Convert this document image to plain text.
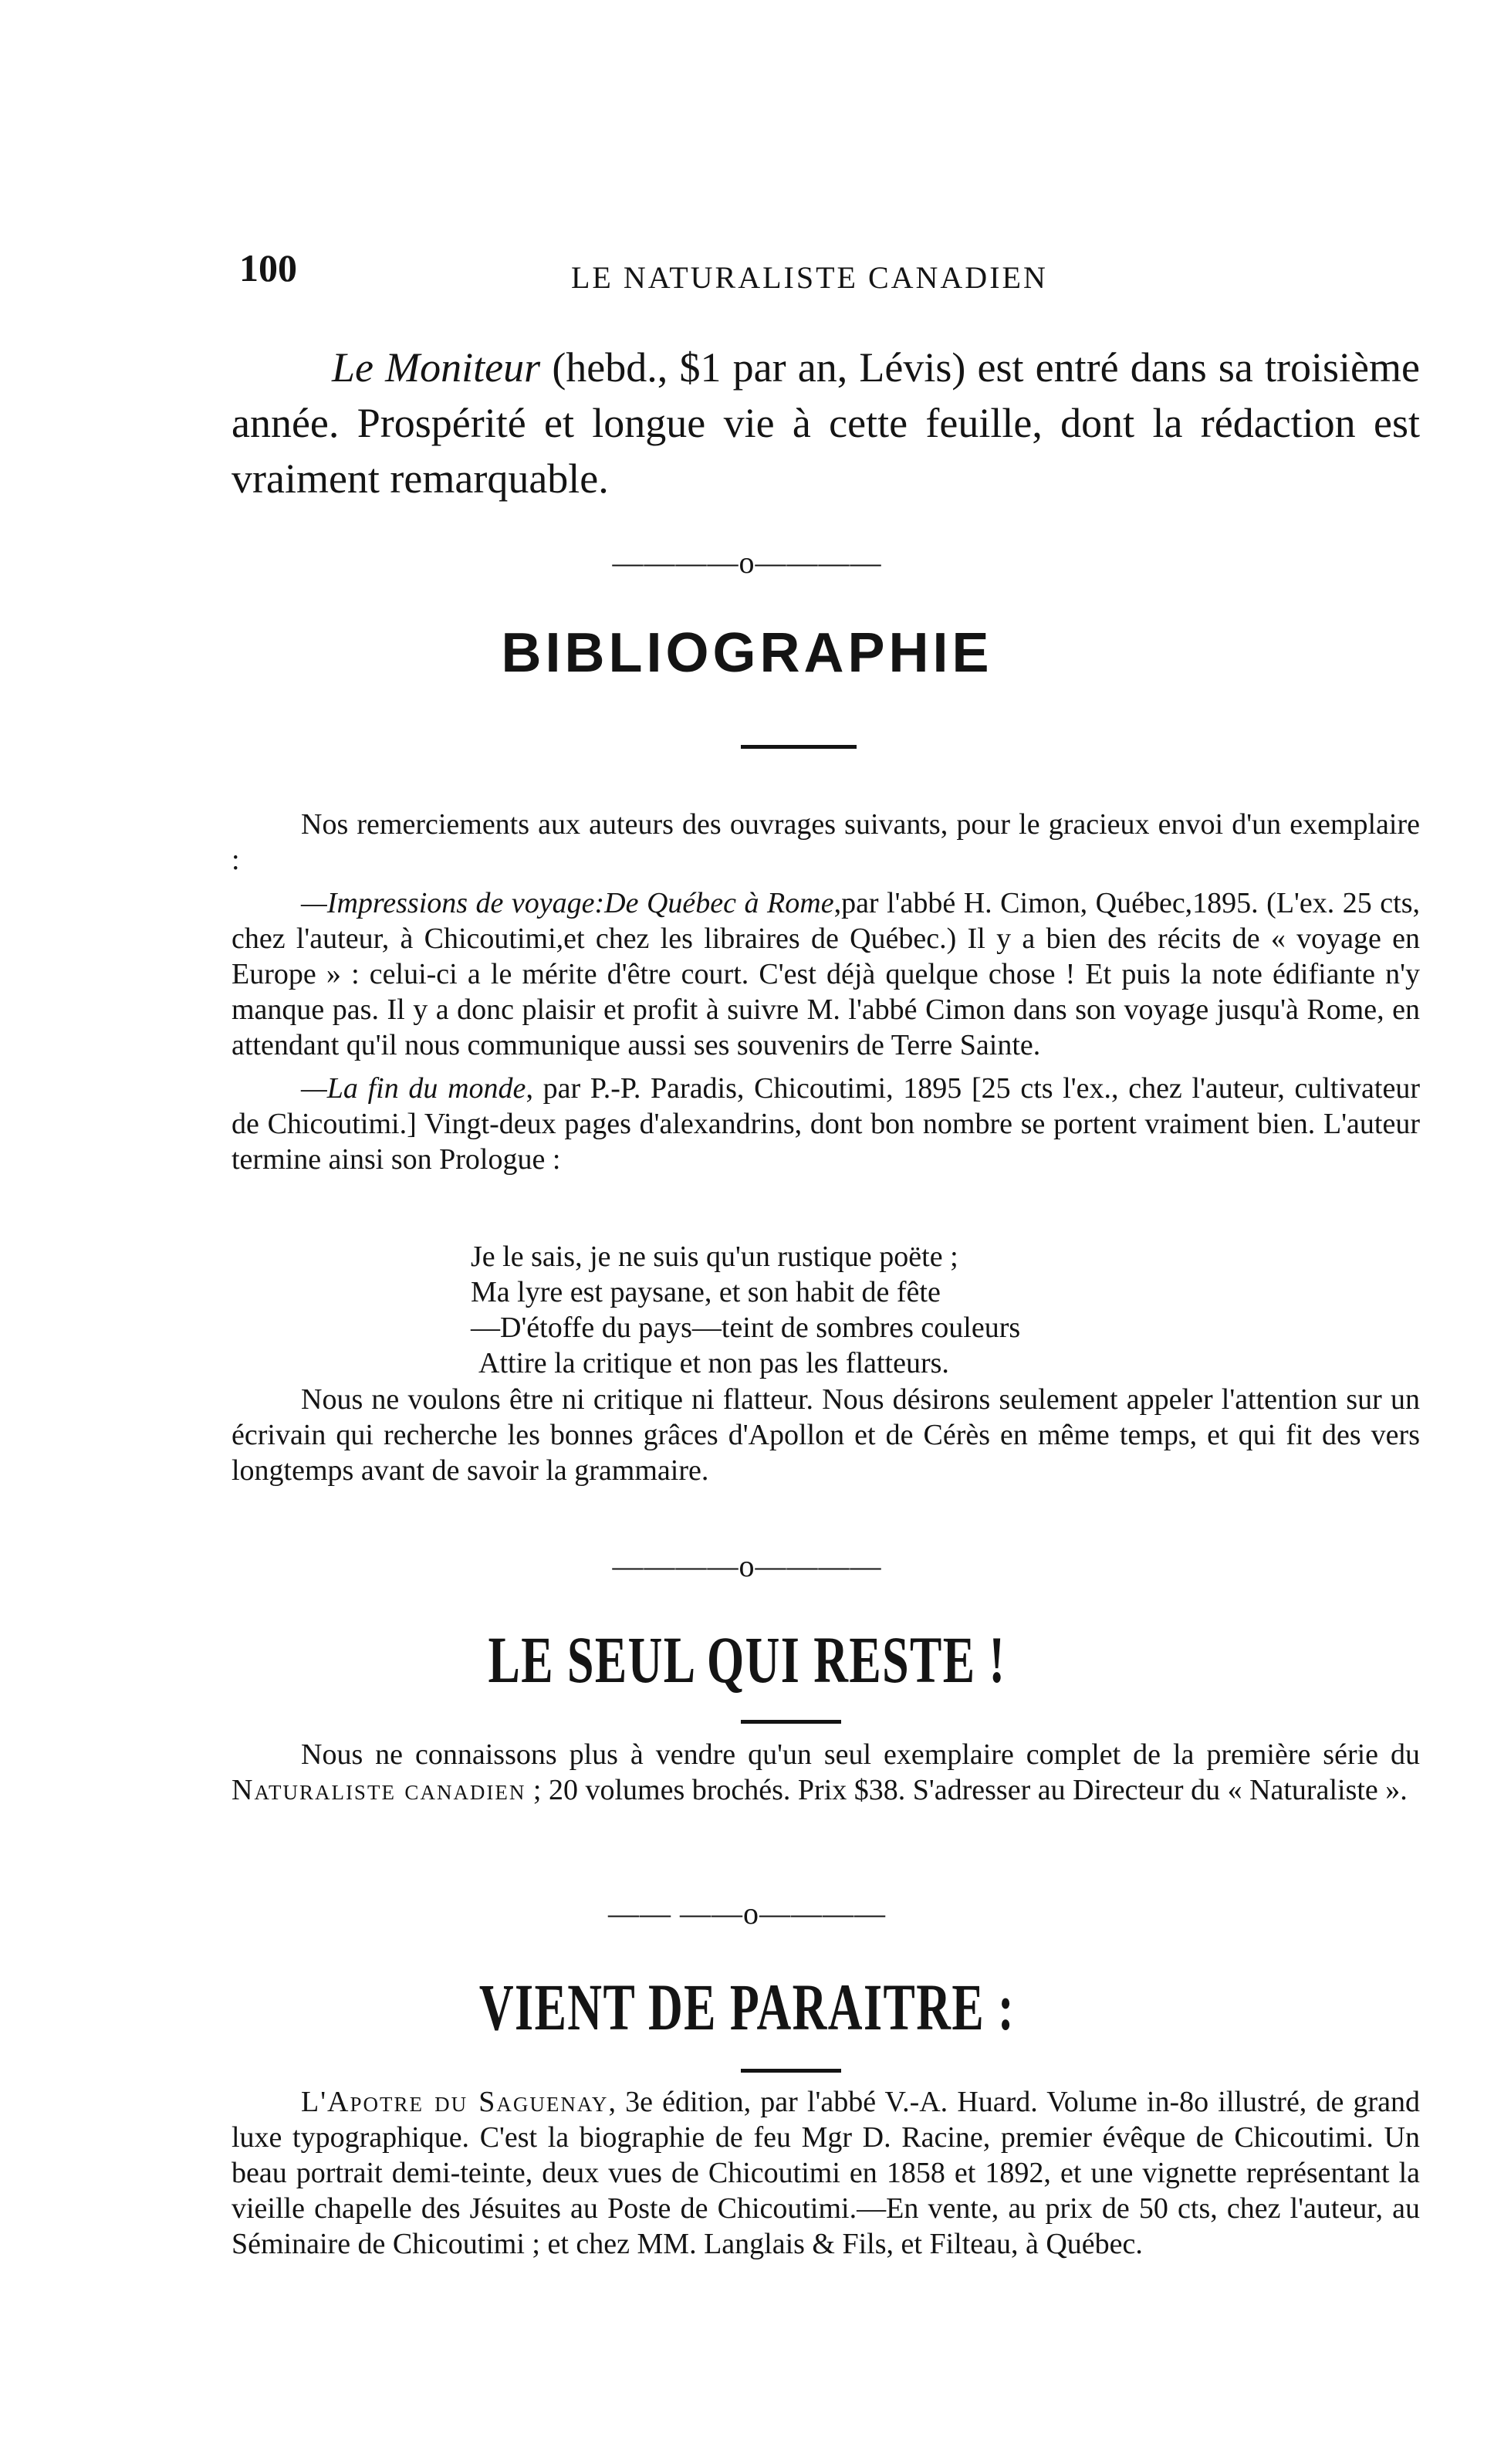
100	LE NATURALISTE CANADIEN

Le Moniteur (hebd., $1 par an, Lévis) est entré dans sa troisième année. Prospérité et longue vie à cette feuille, dont la rédaction est vraiment remarquable.

————o————
BIBLIOGRAPHIE

Nos remerciements aux auteurs des ouvrages suivants, pour le gracieux envoi d'un exemplaire :

—Impressions de voyage:De Québec à Rome,par l'abbé H. Cimon, Québec,1895. (L'ex. 25 cts, chez l'auteur, à Chicoutimi,et chez les libraires de Québec.) Il y a bien des récits de « voyage en Europe » : celui-ci a le mérite d'être court. C'est déjà quelque chose ! Et puis la note édifiante n'y manque pas. Il y a donc plaisir et profit à suivre M. l'abbé Cimon dans son voyage jusqu'à Rome, en attendant qu'il nous communique aussi ses souvenirs de Terre Sainte.

—La fin du monde, par P.-P. Paradis, Chicoutimi, 1895 [25 cts l'ex., chez l'auteur, cultivateur de Chicoutimi.] Vingt-deux pages d'alexandrins, dont bon nombre se portent vraiment bien. L'auteur termine ainsi son Prologue :

Je le sais, je ne suis qu'un rustique poëte ;
Ma lyre est paysane, et son habit de fête
—D'étoffe du pays—teint de sombres couleurs
Attire la critique et non pas les flatteurs.

Nous ne voulons être ni critique ni flatteur. Nous désirons seulement appeler l'attention sur un écrivain qui recherche les bonnes grâces d'Apollon et de Cérès en même temps, et qui fit des vers longtemps avant de savoir la grammaire.

————o————
LE SEUL QUI RESTE !

Nous ne connaissons plus à vendre qu'un seul exemplaire complet de la première série du Naturaliste canadien ; 20 volumes brochés. Prix $38. S'adresser au Directeur du « Naturaliste ».

—— ——o————
VIENT DE PARAITRE :

L'Apotre du Saguenay, 3e édition, par l'abbé V.-A. Huard. Volume in-8o illustré, de grand luxe typographique. C'est la biographie de feu Mgr D. Racine, premier évêque de Chicoutimi. Un beau portrait demi-teinte, deux vues de Chicoutimi en 1858 et 1892, et une vignette représentant la vieille chapelle des Jésuites au Poste de Chicoutimi.—En vente, au prix de 50 cts, chez l'auteur, au Séminaire de Chicoutimi ; et chez MM. Langlais & Fils, et Filteau, à Québec.
